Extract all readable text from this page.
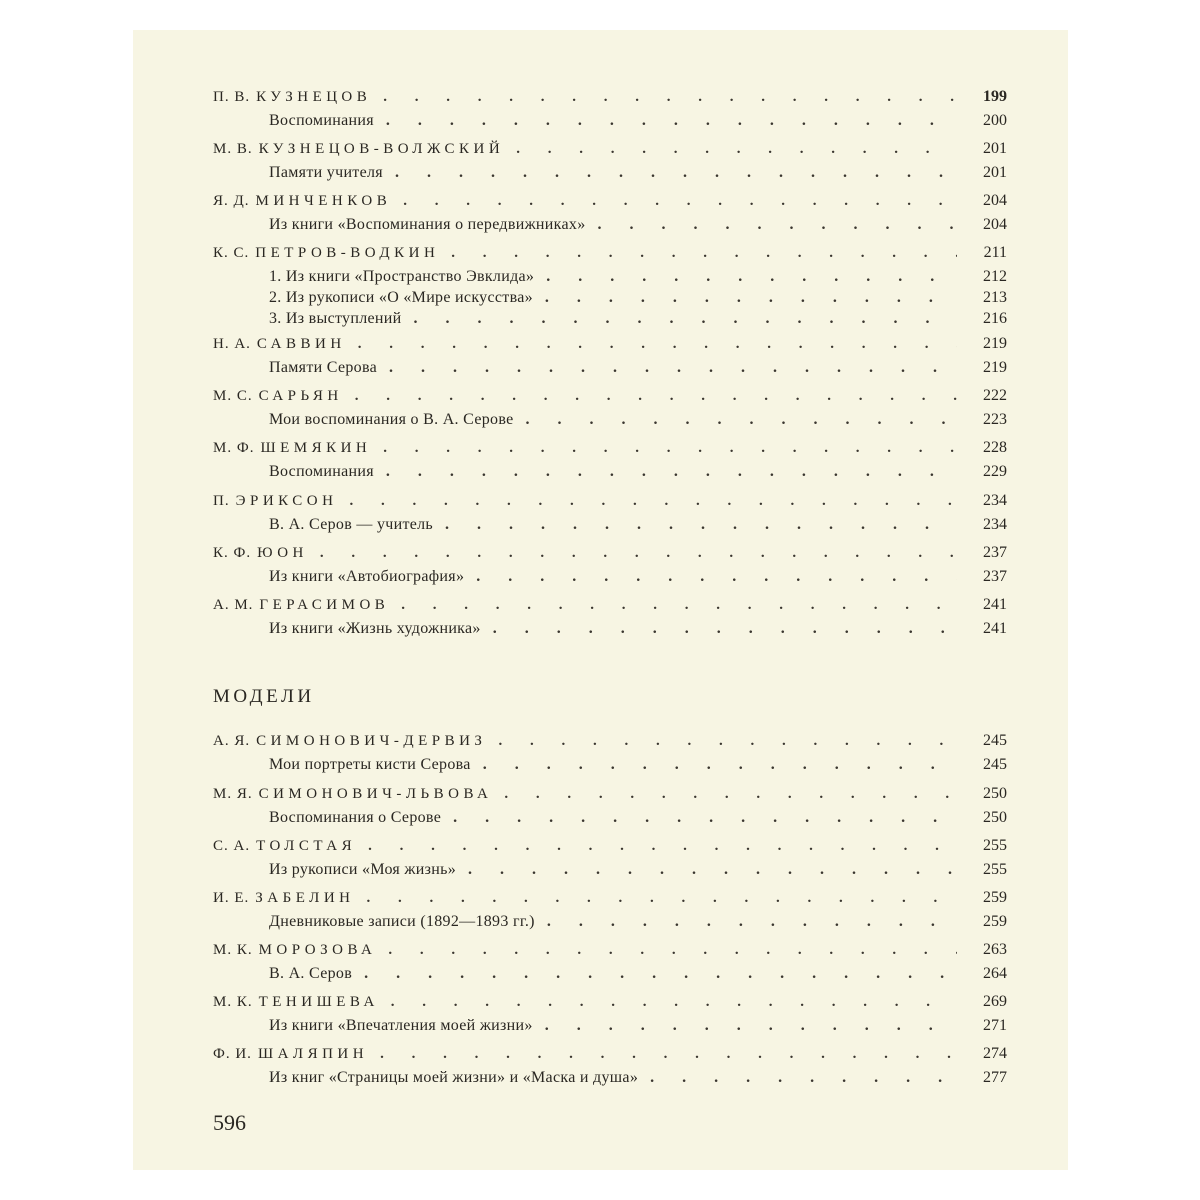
П. В. КУЗНЕЦОВ . . .	199
Воспоминания . . .	200
М. В. КУЗНЕЦОВ-ВОЛЖСКИЙ . . .	201
Памяти учителя . . .	201
Я. Д. МИНЧЕНКОВ . . .	204
Из книги «Воспоминания о передвижниках» . . .	204
К. С. ПЕТРОВ-ВОДКИН . . .	211
1. Из книги «Пространство Эвклида» . . .	212
2. Из рукописи «О «Мире искусства» . . .	213
3. Из выступлений . . .	216
Н. А. САВВИН . . .	219
Памяти Серова . . .	219
М. С. САРЬЯН . . .	222
Мои воспоминания о В. А. Серове . . .	223
М. Ф. ШЕМЯКИН . . .	228
Воспоминания . . .	229
П. ЭРИКСОН . . .	234
В. А. Серов — учитель . . .	234
К. Ф. ЮОН . . .	237
Из книги «Автобиография» . . .	237
А. М. ГЕРАСИМОВ . . .	241
Из книги «Жизнь художника» . . .	241
А. Я. СИМОНОВИЧ-ДЕРВИЗ . . .	245
Мои портреты кисти Серова . . .	245
М. Я. СИМОНОВИЧ-ЛЬВОВА . . .	250
Воспоминания о Серове . . .	250
С. А. ТОЛСТАЯ . . .	255
Из рукописи «Моя жизнь» . . .	255
И. Е. ЗАБЕЛИН . . .	259
Дневниковые записи (1892—1893 гг.) . . .	259
М. К. МОРОЗОВА . . .	263
В. А. Серов . . .	264
М. К. ТЕНИШЕВА . . .	269
Из книги «Впечатления моей жизни» . . .	271
Ф. И. ШАЛЯПИН . . .	274
Из книг «Страницы моей жизни» и «Маска и душа» . . .	277
МОДЕЛИ
596
